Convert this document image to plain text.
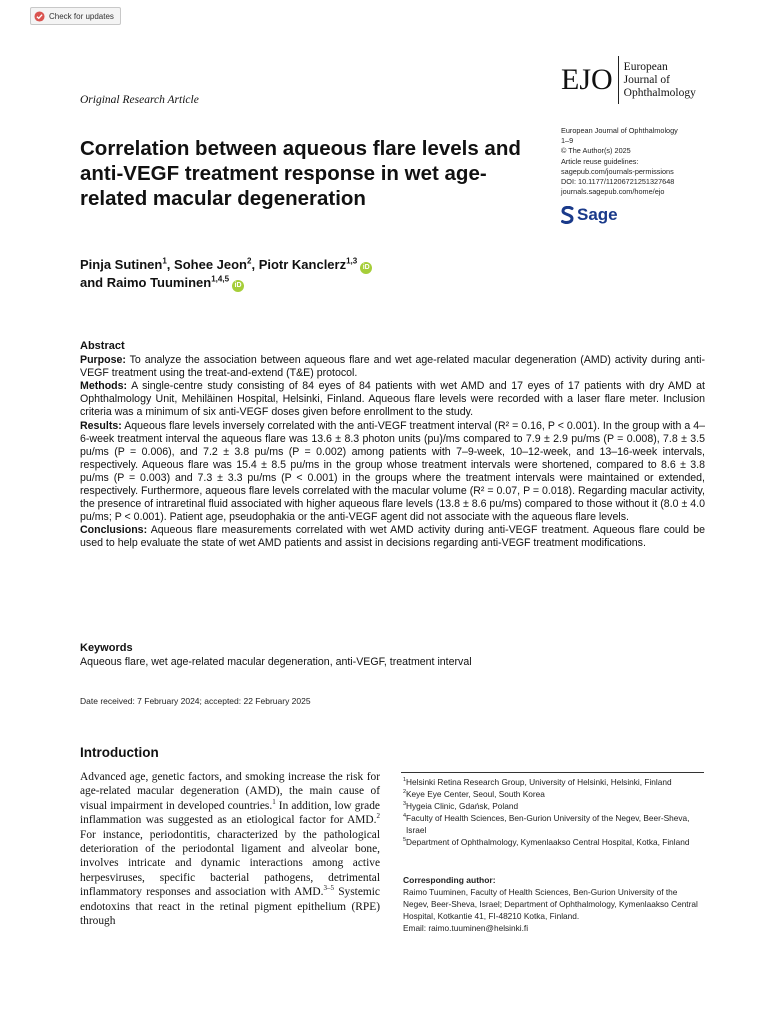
Check for updates
EJO European
Journal of
Ophthalmology
Original Research Article
Correlation between aqueous flare levels and anti-VEGF treatment response in wet age-related macular degeneration
European Journal of Ophthalmology
1–9
© The Author(s) 2025
Article reuse guidelines:
sagepub.com/journals-permissions
DOI: 10.1177/11206721251327648
journals.sagepub.com/home/ejo
Sage
Pinja Sutinen$^1$, Sohee Jeon$^2$, Piotr Kanclerz$^{1,3}$iD
and Raimo Tuuminen$^{1,4,5}$iD
Abstract

Purpose: To analyze the association between aqueous flare and wet age-related macular degeneration (AMD) activity during anti-VEGF treatment using the treat-and-extend (T&E) protocol.

Methods: A single-centre study consisting of 84 eyes of 84 patients with wet AMD and 17 eyes of 17 patients with dry AMD at Ophthalmology Unit, Mehiläinen Hospital, Helsinki, Finland. Aqueous flare levels were recorded with a laser flare meter. Inclusion criteria was a minimum of six anti-VEGF doses given before enrollment to the study.

Results: Aqueous flare levels inversely correlated with the anti-VEGF treatment interval (R² = 0.16, P < 0.001). In the group with a 4–6-week treatment interval the aqueous flare was 13.6 ± 8.3 photon units (pu)/ms compared to 7.9 ± 2.9 pu/ms (P = 0.008), 7.8 ± 3.5 pu/ms (P = 0.006), and 7.2 ± 3.8 pu/ms (P = 0.002) among patients with 7–9-week, 10–12-week, and 13–16-week intervals, respectively. Aqueous flare was 15.4 ± 8.5 pu/ms in the group whose treatment intervals were shortened, compared to 8.6 ± 3.8 pu/ms (P = 0.003) and 7.3 ± 3.3 pu/ms (P < 0.001) in the groups where the treatment intervals were maintained or extended, respectively. Furthermore, aqueous flare levels correlated with the macular volume (R² = 0.07, P = 0.018). Regarding macular activity, the presence of intraretinal fluid associated with higher aqueous flare levels (13.8 ± 8.6 pu/ms) compared to those without it (8.0 ± 4.0 pu/ms; P < 0.001). Patient age, pseudophakia or the anti-VEGF agent did not associate with the aqueous flare levels.

Conclusions: Aqueous flare measurements correlated with wet AMD activity during anti-VEGF treatment. Aqueous flare could be used to help evaluate the state of wet AMD patients and assist in decisions regarding anti-VEGF treatment modifications.

Keywords
Aqueous flare, wet age-related macular degeneration, anti-VEGF, treatment interval
Date received: 7 February 2024; accepted: 22 February 2025
Introduction
Advanced age, genetic factors, and smoking increase the risk for age-related macular degeneration (AMD), the main cause of visual impairment in developed countries.$^1$ In addition, low grade inflammation was suggested as an etiological factor for AMD.$^2$ For instance, periodontitis, characterized by the pathological deterioration of the periodontal ligament and alveolar bone, involves intricate and dynamic interactions among active herpesviruses, specific bacterial pathogens, detrimental inflammatory responses and association with AMD.$^{3-5}$ Systemic endotoxins that react in the retinal pigment epithelium (RPE) through
1 Helsinki Retina Research Group, University of Helsinki, Helsinki, Finland
2 Keye Eye Center, Seoul, South Korea
3 Hygeia Clinic, Gdańsk, Poland
4 Faculty of Health Sciences, Ben-Gurion University of the Negev, Beer-Sheva, Israel
5 Department of Ophthalmology, Kymenlaakso Central Hospital, Kotka, Finland
Corresponding author:
Raimo Tuuminen, Faculty of Health Sciences, Ben-Gurion University of the Negev, Beer-Sheva, Israel; Department of Ophthalmology, Kymenlaakso Central Hospital, Kotkantie 41, FI-48210 Kotka, Finland.
Email: raimo.tuuminen@helsinki.fi
